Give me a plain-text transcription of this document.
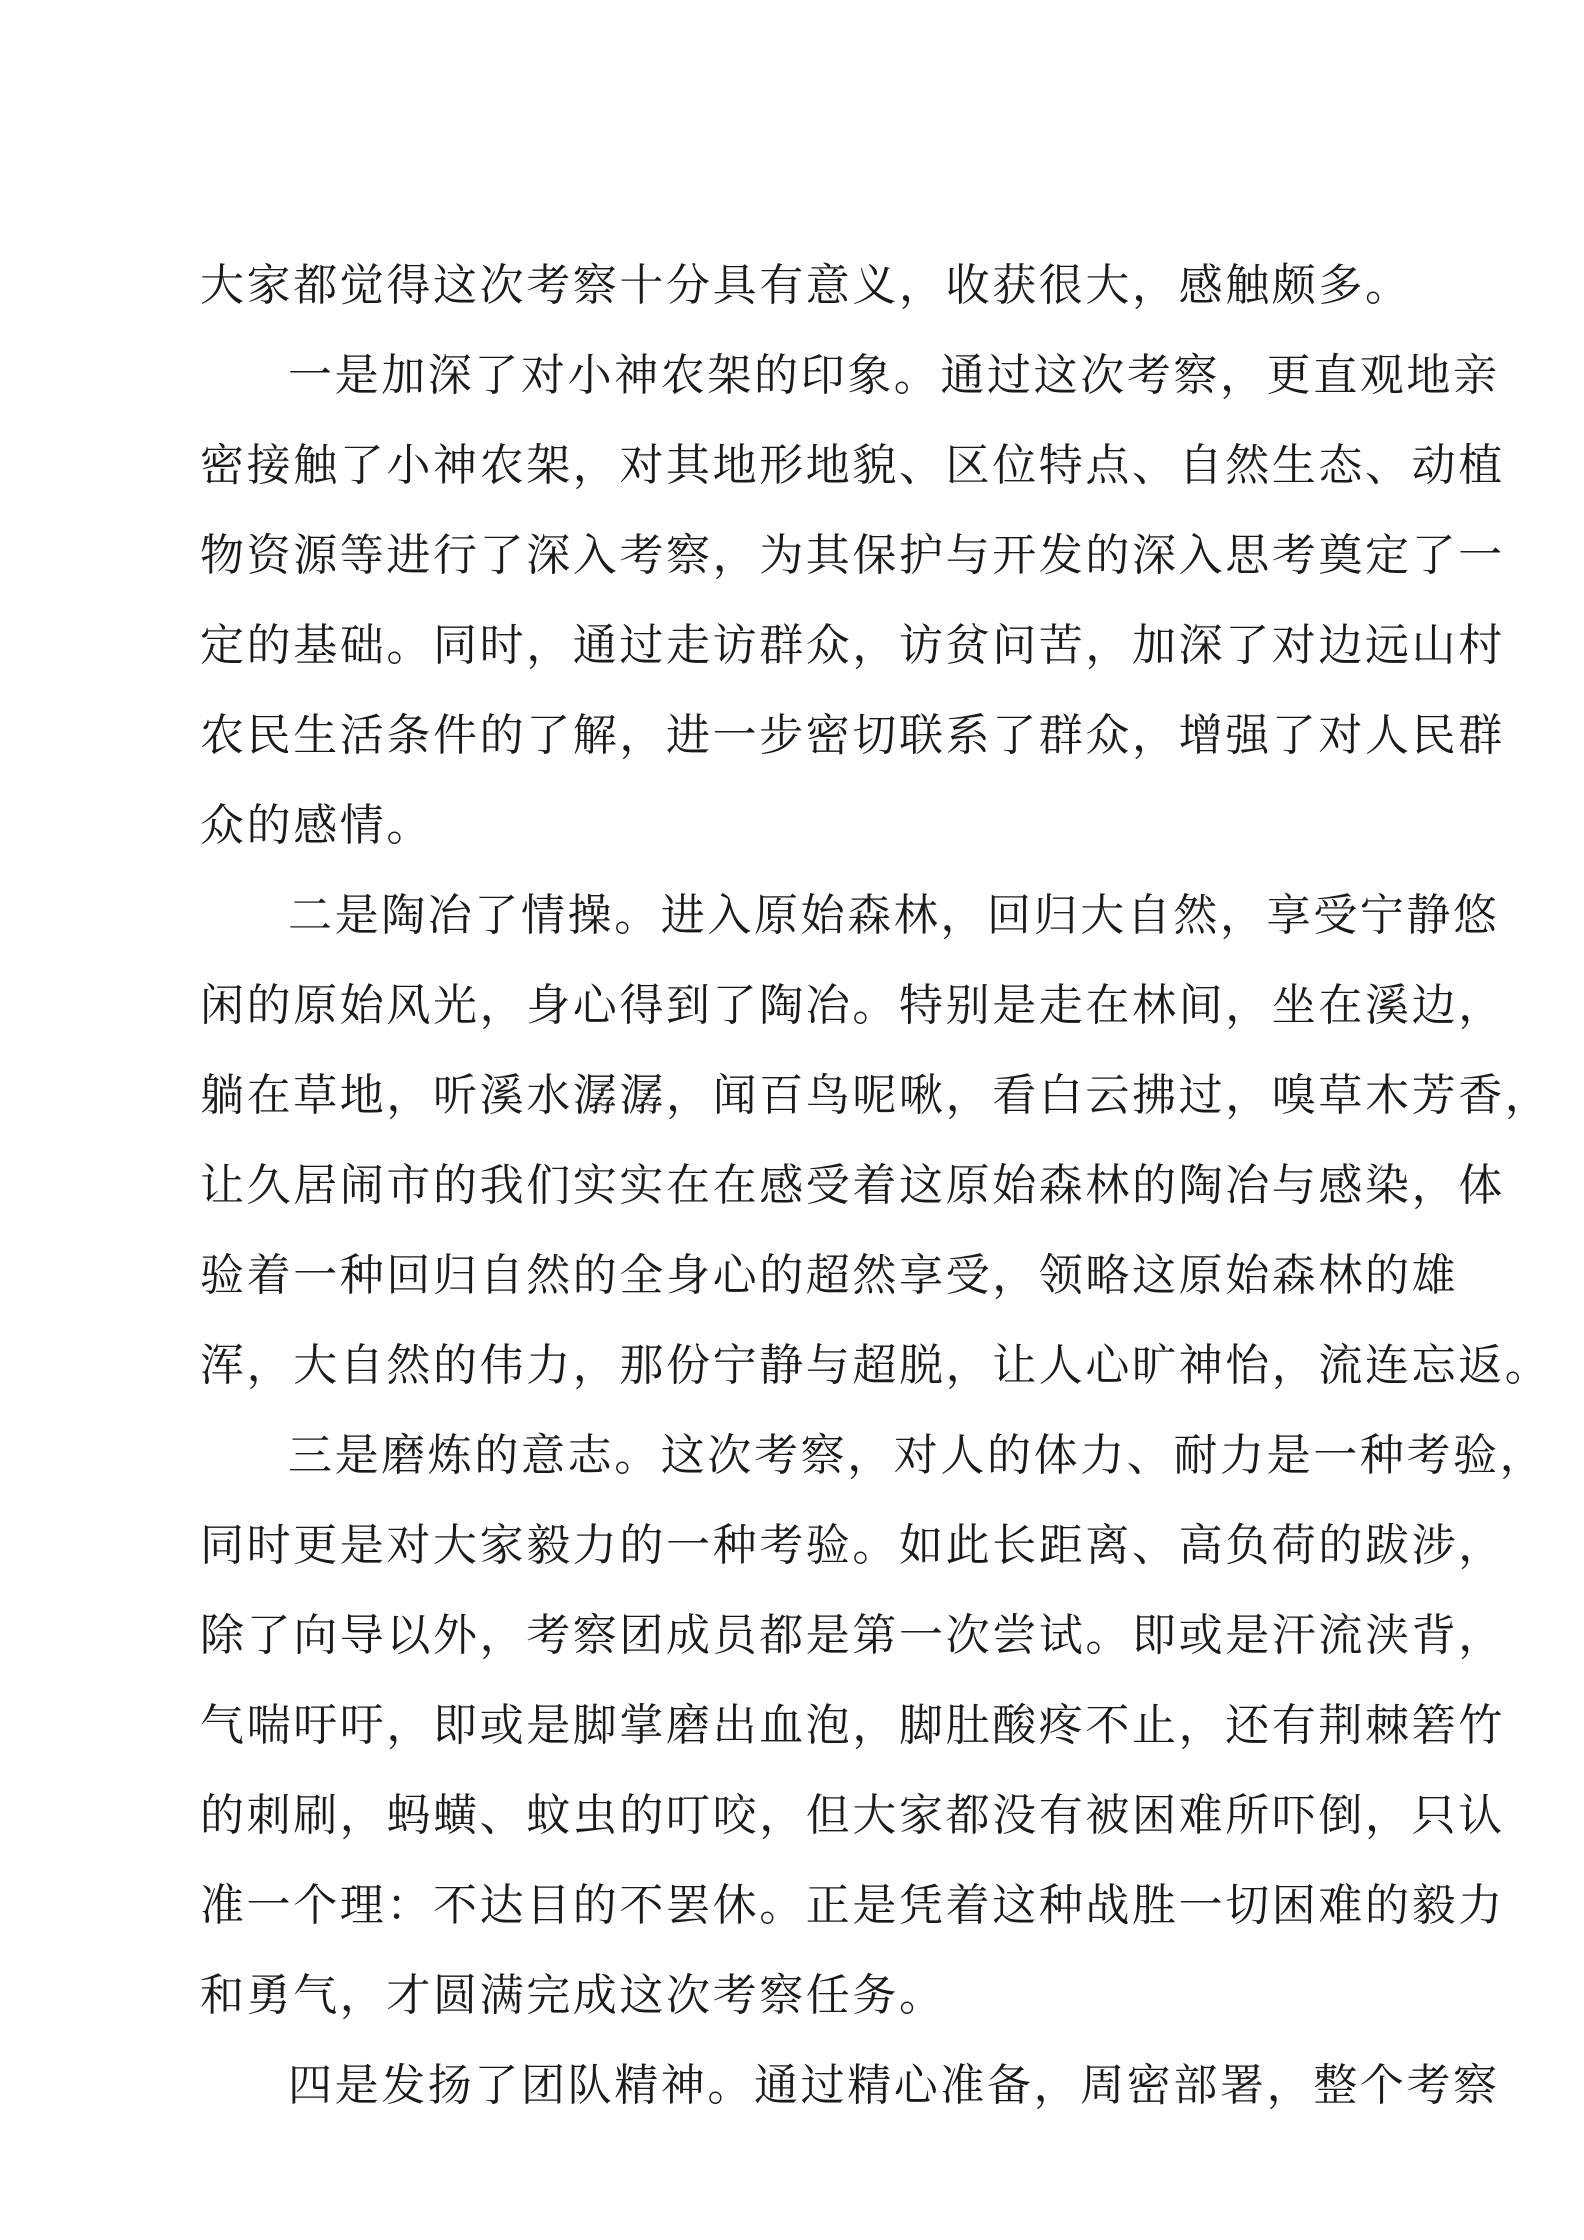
大家都觉得这次考察十分具有意义，收获很大，感触颇多。
一是加深了对小神农架的印象。通过这次考察，更直观地亲
密接触了小神农架，对其地形地貌、区位特点、自然生态、动植
物资源等进行了深入考察，为其保护与开发的深入思考奠定了一
定的基础。同时，通过走访群众，访贫问苦，加深了对边远山村
农民生活条件的了解，进一步密切联系了群众，增强了对人民群
众的感情。
二是陶冶了情操。进入原始森林，回归大自然，享受宁静悠
闲的原始风光，身心得到了陶冶。特别是走在林间，坐在溪边，
躺在草地，听溪水潺潺，闻百鸟呢啾，看白云拂过，嗅草木芳香，
让久居闹市的我们实实在在感受着这原始森林的陶冶与感染，体
验着一种回归自然的全身心的超然享受，领略这原始森林的雄
浑，大自然的伟力，那份宁静与超脱，让人心旷神怡，流连忘返。
三是磨炼的意志。这次考察，对人的体力、耐力是一种考验，
同时更是对大家毅力的一种考验。如此长距离、高负荷的跋涉，
除了向导以外，考察团成员都是第一次尝试。即或是汗流浃背，
气喘吁吁，即或是脚掌磨出血泡，脚肚酸疼不止，还有荆棘箬竹
的刺刷，蚂蟥、蚊虫的叮咬，但大家都没有被困难所吓倒，只认
准一个理：不达目的不罢休。正是凭着这种战胜一切困难的毅力
和勇气，才圆满完成这次考察任务。
四是发扬了团队精神。通过精心准备，周密部署，整个考察
